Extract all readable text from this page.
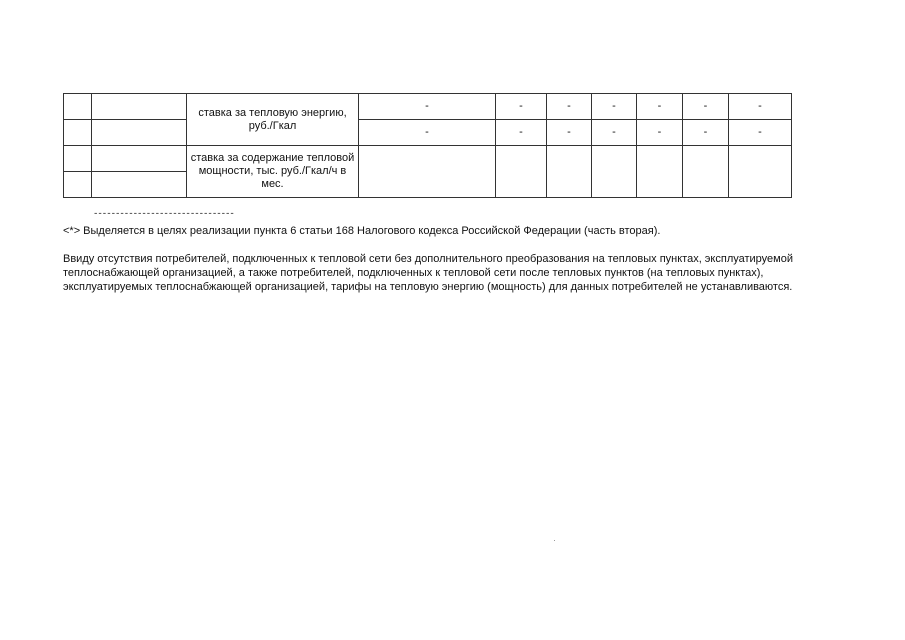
		ставка за тепловую энергию, руб./Гкал	-	-	-	-	-	-	-
			-	-	-	-	-	-	-
		ставка за содержание тепловой мощности, тыс. руб./Гкал/ч в мес.							

--------------------------------
<*> Выделяется в целях реализации пункта 6 статьи 168 Налогового кодекса Российской Федерации (часть вторая).
Ввиду отсутствия потребителей, подключенных к тепловой сети без дополнительного преобразования на тепловых пунктах, эксплуатируемой теплоснабжающей организацией, а также потребителей, подключенных к тепловой сети после тепловых пунктов (на тепловых пунктах), эксплуатируемых теплоснабжающей организацией, тарифы на тепловую энергию (мощность) для данных потребителей не устанавливаются.
